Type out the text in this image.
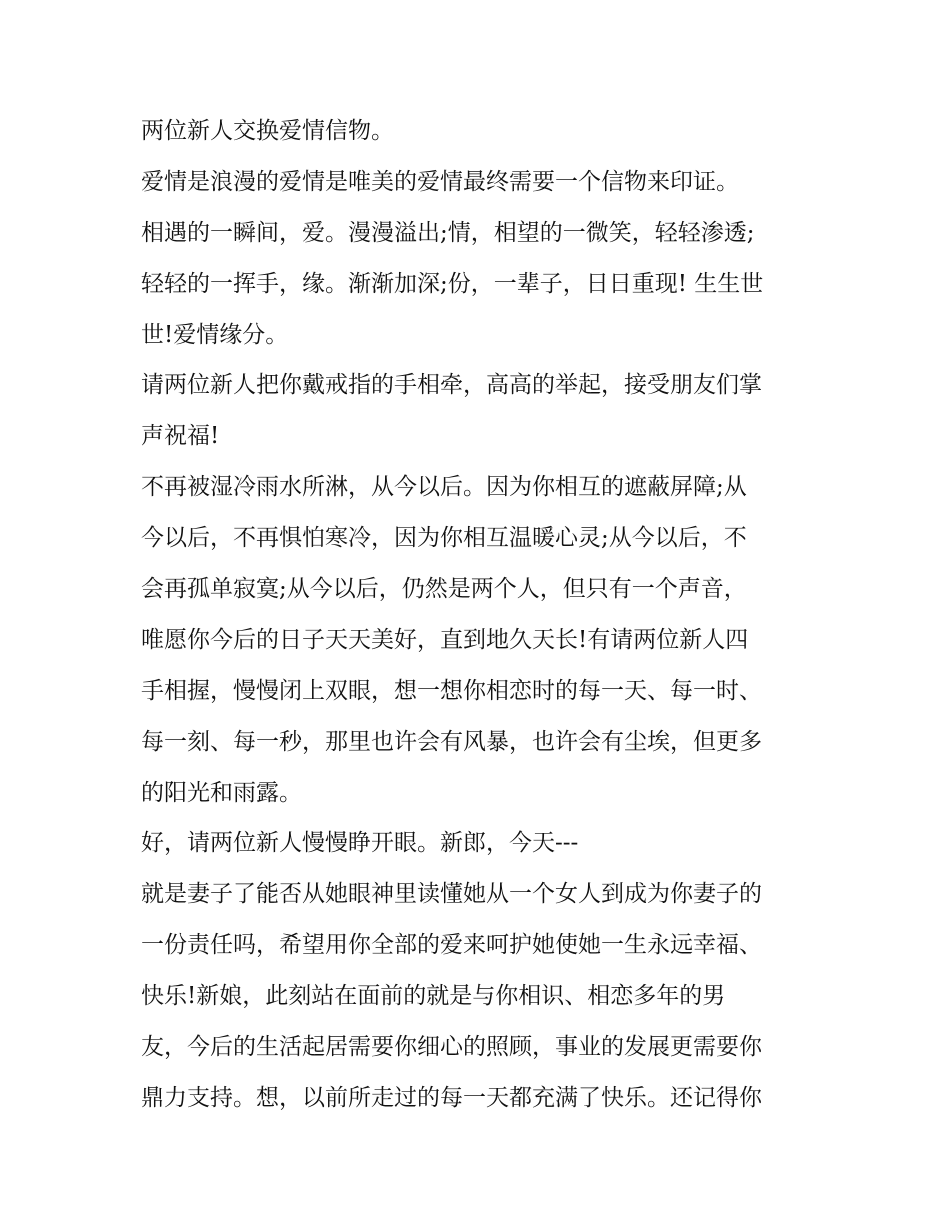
两位新人交换爱情信物。
爱情是浪漫的爱情是唯美的爱情最终需要一个信物来印证。
相遇的一瞬间，爱。漫漫溢出;情，相望的一微笑，轻轻渗透;
轻轻的一挥手，缘。渐渐加深;份，一辈子，日日重现! 生生世
世!爱情缘分。
请两位新人把你戴戒指的手相牵，高高的举起，接受朋友们掌
声祝福!
不再被湿冷雨水所淋，从今以后。因为你相互的遮蔽屏障;从
今以后，不再惧怕寒冷，因为你相互温暖心灵;从今以后，不
会再孤单寂寞;从今以后，仍然是两个人，但只有一个声音，
唯愿你今后的日子天天美好，直到地久天长!有请两位新人四
手相握，慢慢闭上双眼，想一想你相恋时的每一天、每一时、
每一刻、每一秒，那里也许会有风暴，也许会有尘埃，但更多
的阳光和雨露。
好，请两位新人慢慢睁开眼。新郎，今天---
就是妻子了能否从她眼神里读懂她从一个女人到成为你妻子的
一份责任吗，希望用你全部的爱来呵护她使她一生永远幸福、
快乐!新娘，此刻站在面前的就是与你相识、相恋多年的男
友，今后的生活起居需要你细心的照顾，事业的发展更需要你
鼎力支持。想，以前所走过的每一天都充满了快乐。还记得你
